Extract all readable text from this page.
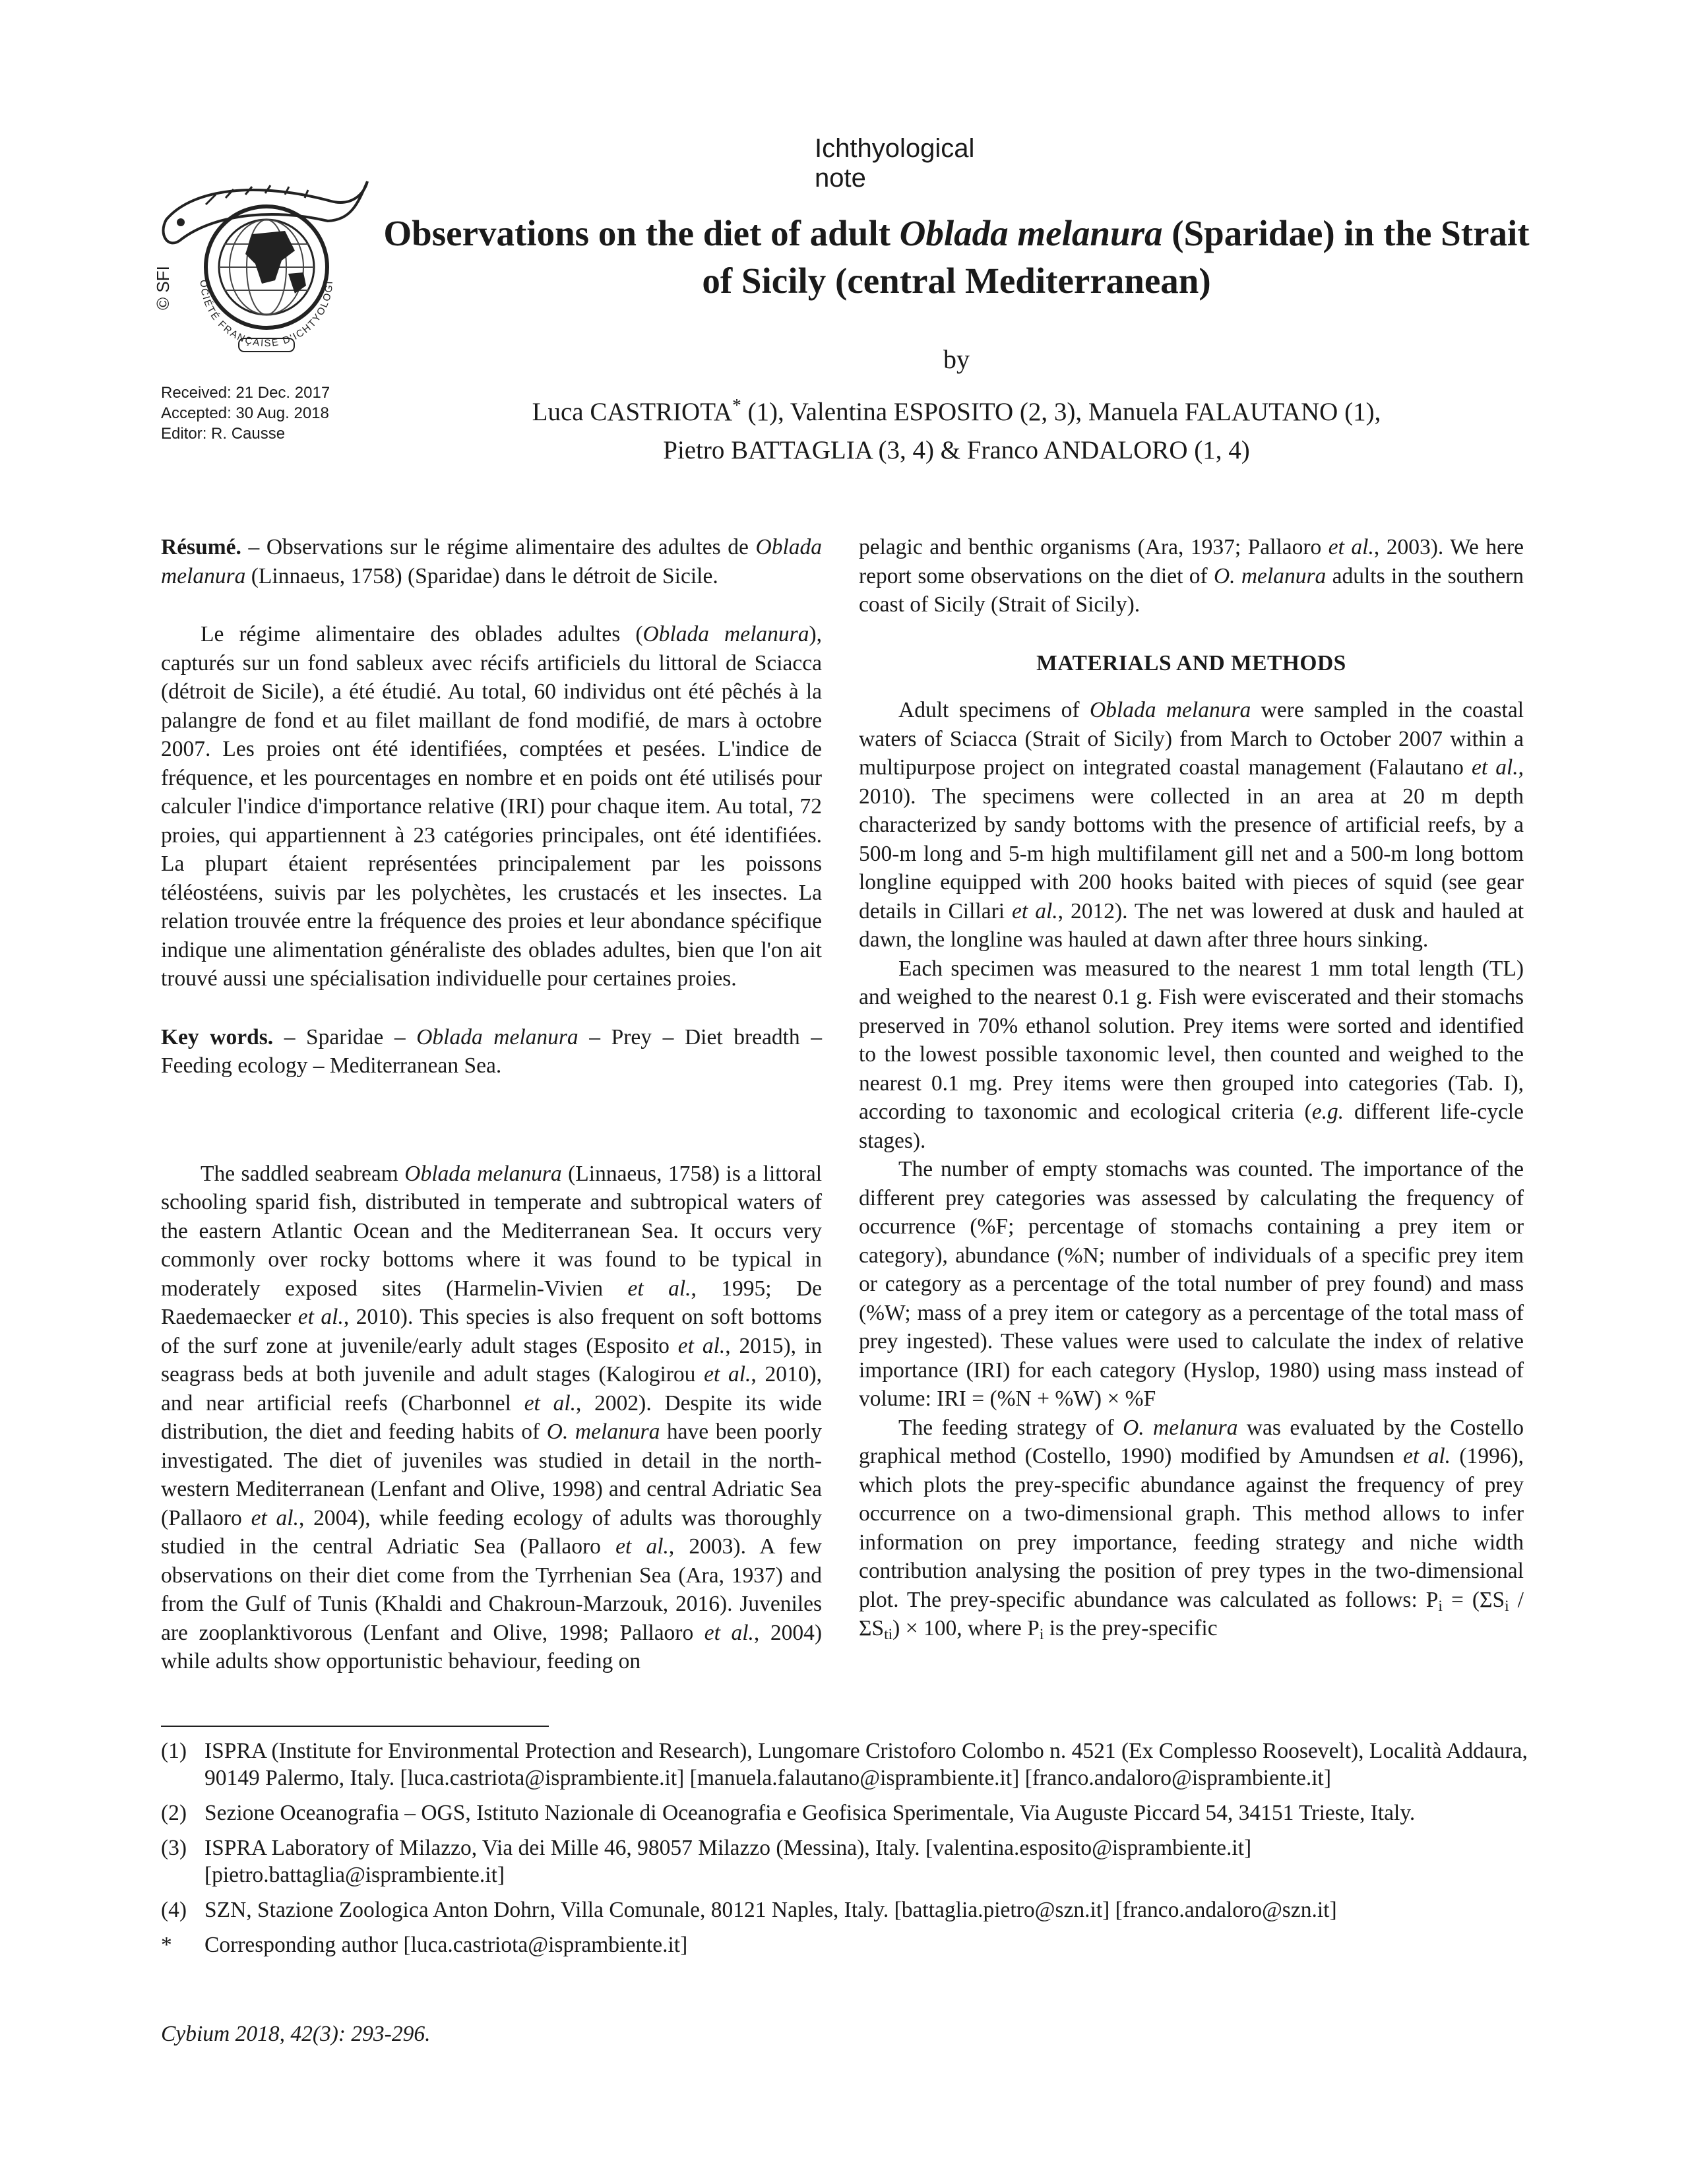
Ichthyological note
OCIÉTÉ FRANÇAISE D'ICHTYOLOGI
© SFI
Received: 21 Dec. 2017
Accepted: 30 Aug. 2018
Editor: R. Causse
Observations on the diet of adult Oblada melanura (Sparidae) in the Strait of Sicily (central Mediterranean)
by
Luca CASTRIOTA* (1), Valentina ESPOSITO (2, 3), Manuela FALAUTANO (1),
Pietro BATTAGLIA (3, 4) & Franco ANDALORO (1, 4)

Résumé. – Observations sur le régime alimentaire des adultes de Oblada melanura (Linnaeus, 1758) (Sparidae) dans le détroit de Sicile.

Le régime alimentaire des oblades adultes (Oblada melanura), capturés sur un fond sableux avec récifs artificiels du littoral de Sciacca (détroit de Sicile), a été étudié. Au total, 60 individus ont été pêchés à la palangre de fond et au filet maillant de fond modifié, de mars à octobre 2007. Les proies ont été identifiées, comptées et pesées. L'indice de fréquence, et les pourcentages en nombre et en poids ont été utilisés pour calculer l'indice d'importance relative (IRI) pour chaque item. Au total, 72 proies, qui appartiennent à 23 catégories principales, ont été identifiées. La plupart étaient représentées principalement par les poissons téléostéens, suivis par les polychètes, les crustacés et les insectes. La relation trouvée entre la fréquence des proies et leur abondance spécifique indique une alimentation généraliste des oblades adultes, bien que l'on ait trouvé aussi une spécialisation individuelle pour certaines proies.

Key words. – Sparidae – Oblada melanura – Prey – Diet breadth – Feeding ecology – Mediterranean Sea.

The saddled seabream Oblada melanura (Linnaeus, 1758) is a littoral schooling sparid fish, distributed in temperate and subtropical waters of the eastern Atlantic Ocean and the Mediterranean Sea. It occurs very commonly over rocky bottoms where it was found to be typical in moderately exposed sites (Harmelin-Vivien et al., 1995; De Raedemaecker et al., 2010). This species is also frequent on soft bottoms of the surf zone at juvenile/early adult stages (Esposito et al., 2015), in seagrass beds at both juvenile and adult stages (Kalogirou et al., 2010), and near artificial reefs (Charbonnel et al., 2002). Despite its wide distribution, the diet and feeding habits of O. melanura have been poorly investigated. The diet of juveniles was studied in detail in the north-western Mediterranean (Lenfant and Olive, 1998) and central Adriatic Sea (Pallaoro et al., 2004), while feeding ecology of adults was thoroughly studied in the central Adriatic Sea (Pallaoro et al., 2003). A few observations on their diet come from the Tyrrhenian Sea (Ara, 1937) and from the Gulf of Tunis (Khaldi and Chakroun-Marzouk, 2016). Juveniles are zooplanktivorous (Lenfant and Olive, 1998; Pallaoro et al., 2004) while adults show opportunistic behaviour, feeding on

pelagic and benthic organisms (Ara, 1937; Pallaoro et al., 2003). We here report some observations on the diet of O. melanura adults in the southern coast of Sicily (Strait of Sicily).

MATERIALS AND METHODS

Adult specimens of Oblada melanura were sampled in the coastal waters of Sciacca (Strait of Sicily) from March to October 2007 within a multipurpose project on integrated coastal management (Falautano et al., 2010). The specimens were collected in an area at 20 m depth characterized by sandy bottoms with the presence of artificial reefs, by a 500-m long and 5-m high multifilament gill net and a 500-m long bottom longline equipped with 200 hooks baited with pieces of squid (see gear details in Cillari et al., 2012). The net was lowered at dusk and hauled at dawn, the longline was hauled at dawn after three hours sinking.

Each specimen was measured to the nearest 1 mm total length (TL) and weighed to the nearest 0.1 g. Fish were eviscerated and their stomachs preserved in 70% ethanol solution. Prey items were sorted and identified to the lowest possible taxonomic level, then counted and weighed to the nearest 0.1 mg. Prey items were then grouped into categories (Tab. I), according to taxonomic and ecological criteria (e.g. different life-cycle stages).

The number of empty stomachs was counted. The importance of the different prey categories was assessed by calculating the frequency of occurrence (%F; percentage of stomachs containing a prey item or category), abundance (%N; number of individuals of a specific prey item or category as a percentage of the total number of prey found) and mass (%W; mass of a prey item or category as a percentage of the total mass of prey ingested). These values were used to calculate the index of relative importance (IRI) for each category (Hyslop, 1980) using mass instead of volume: IRI = (%N + %W) × %F

The feeding strategy of O. melanura was evaluated by the Costello graphical method (Costello, 1990) modified by Amundsen et al. (1996), which plots the prey-specific abundance against the frequency of prey occurrence on a two-dimensional graph. This method allows to infer information on prey importance, feeding strategy and niche width contribution analysing the position of prey types in the two-dimensional plot. The prey-specific abundance was calculated as follows: $P_i = (\Sigma S_i / \Sigma S_{ti}) \times 100$, where $P_i$ is the prey-specific

(1) ISPRA (Institute for Environmental Protection and Research), Lungomare Cristoforo Colombo n. 4521 (Ex Complesso Roosevelt), Località Addaura, 90149 Palermo, Italy. [luca.castriota@isprambiente.it] [manuela.falautano@isprambiente.it] [franco.andaloro@isprambiente.it]
(2) Sezione Oceanografia – OGS, Istituto Nazionale di Oceanografia e Geofisica Sperimentale, Via Auguste Piccard 54, 34151 Trieste, Italy.
(3) ISPRA Laboratory of Milazzo, Via dei Mille 46, 98057 Milazzo (Messina), Italy. [valentina.esposito@isprambiente.it] [pietro.battaglia@isprambiente.it]
(4) SZN, Stazione Zoologica Anton Dohrn, Villa Comunale, 80121 Naples, Italy. [battaglia.pietro@szn.it] [franco.andaloro@szn.it]
*	Corresponding author [luca.castriota@isprambiente.it]
Cybium 2018, 42(3): 293-296.
